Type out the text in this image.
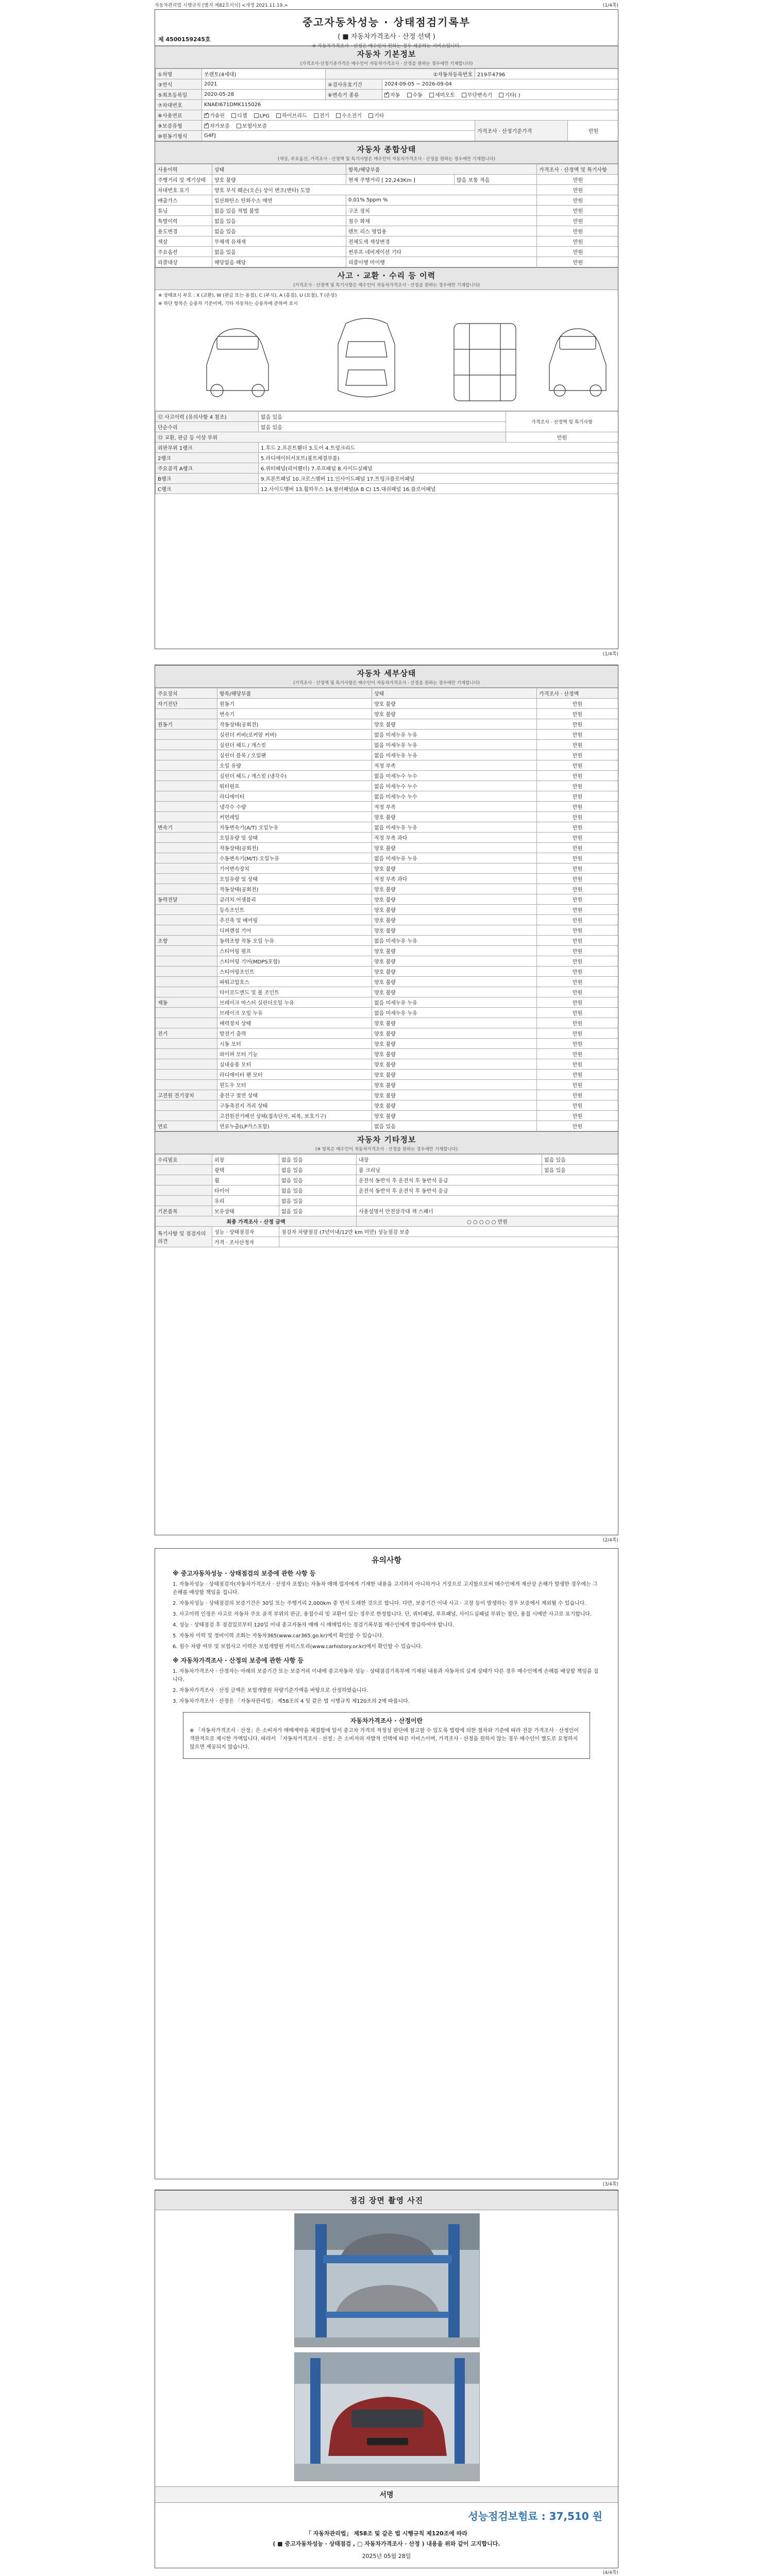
자동차관리법 시행규칙 [별지 제82호서식] <개정 2021.11.19.>	(1/4쪽)
중고자동차성능 · 상태점검기록부
( ■ 자동차가격조사 · 산정 선택 )
※ 자동차가격조사 · 산정은 매수인이 원하는 경우 제공하는 서비스입니다.
제 4500159245호
자동차 기본정보
(가격조사·산정기준가격은 매수인이 자동차가격조사 · 산정을 원하는 경우에만 기재합니다)
①차명	쏘렌토(4세대)	②자동차등록번호		219루4796	
③연식	2021	④검사유효기간	2024-09-05 ~ 2026-09-04		
⑤최초등록일	2020-05-28	⑥변속기 종류	✓자동 수동 세미오토 무단변속기 기타( )
⑦차대번호	KNAEI671DMK115026				
⑧사용연료	✓가솔린 디젤 LPG 하이브리드 전기 수소전기 기타
⑨보증유형	✓자가보증 보험사보증			가격조사 · 산정기준가격	만원
⑩원동기형식	G4FJ				
자동차 종합상태
(색상, 주요옵션, 가격조사 · 산정액 및 특기사항은 매수인이 자동차가격조사 · 산정을 원하는 경우에만 기재합니다)
사용이력	상태	항목/해당부품		가격조사 · 산정액 및 특기사항
주행거리 및 계기상태	양호 불량	현재 주행거리 [ 22,243Km ]	많음 보통 적음	만원
차대번호 표기	양호 부식 훼손(오손) 상이 변조(변타) 도말			만원
배출가스	일산화탄소 탄화수소 매연	0.01% 5ppm %		만원
튜닝	없음 있음 적법 불법	구조 장치		만원
특별이력	없음 있음	침수 화재		만원
용도변경	없음 있음	렌트 리스 영업용		만원
색상	무채색 유채색	전체도색 색상변경		만원
주요옵션	없음 있음	썬루프 네비게이션 기타		만원
리콜대상	해당없음 해당	리콜이행 미이행		만원
사고 · 교환 · 수리 등 이력
(가격조사 · 산정액 및 특기사항은 매수인이 자동차가격조사 · 산정을 원하는 경우에만 기재합니다)
※ 상태표시 부호 : X (교환), W (판금 또는 용접), C (부식), A (흠집), U (요철), T (손상)
※ 하단 항목은 승용차 기준이며, 기타 자동차는 승용차에 준하여 표시
⑫ 사고이력 (유의사항 4 참조)	없음 있음	가격조사 · 산정액 및 특기사항
단순수리	없음 있음	
⑬ 교환, 판금 등 이상 부위		만원
외판부위 1랭크	1.후드 2.프론트휀더 3.도어 4.트렁크리드	
2랭크	5.라디에이터서포트(볼트체결부품)	
주요골격 A랭크	6.쿼터패널(리어휀더) 7.루프패널 8.사이드실패널	
B랭크	9.프론트패널 10.크로스멤버 11.인사이드패널 17.트렁크플로어패널	
C랭크	12.사이드멤버 13.휠하우스 14.필러패널(A B C) 15.대쉬패널 16.플로어패널	
(1/4쪽)
자동차 세부상태
(가격조사 · 산정액 및 특기사항은 매수인이 자동차가격조사 · 산정을 원하는 경우에만 기재합니다)
주요장치	항목/해당부품	상태	가격조사 · 산정액
자기진단	원동기	양호 불량	만원
	변속기	양호 불량	만원
원동기	작동상태(공회전)	양호 불량	만원
	실린더 커버(로커암 커버)	없음 미세누유 누유	만원
	실린더 헤드 / 개스킷	없음 미세누유 누유	만원
	실린더 블록 / 오일팬	없음 미세누유 누유	만원
	오일 유량	적정 부족	만원
	실린더 헤드 / 개스킷 (냉각수)	없음 미세누수 누수	만원
	워터펌프	없음 미세누수 누수	만원
	라디에이터	없음 미세누수 누수	만원
	냉각수 수량	적정 부족	만원
	커먼레일	양호 불량	만원
변속기	자동변속기(A/T) 오일누유	없음 미세누유 누유	만원
	오일유량 및 상태	적정 부족 과다	만원
	작동상태(공회전)	양호 불량	만원
	수동변속기(M/T) 오일누유	없음 미세누유 누유	만원
	기어변속장치	양호 불량	만원
	오일유량 및 상태	적정 부족 과다	만원
	작동상태(공회전)	양호 불량	만원
동력전달	클러치 어셈블리	양호 불량	만원
	등속조인트	양호 불량	만원
	추진축 및 베어링	양호 불량	만원
	디퍼렌셜 기어	양호 불량	만원
조향	동력조향 작동 오일 누유	없음 미세누유 누유	만원
	스티어링 펌프	양호 불량	만원
	스티어링 기어(MDPS포함)	양호 불량	만원
	스티어링조인트	양호 불량	만원
	파워고압호스	양호 불량	만원
	타이로드엔드 및 볼 조인트	양호 불량	만원
제동	브레이크 마스터 실린더오일 누유	없음 미세누유 누유	만원
	브레이크 오일 누유	없음 미세누유 누유	만원
	배력장치 상태	양호 불량	만원
전기	발전기 출력	양호 불량	만원
	시동 모터	양호 불량	만원
	와이퍼 모터 기능	양호 불량	만원
	실내송풍 모터	양호 불량	만원
	라디에이터 팬 모터	양호 불량	만원
	윈도우 모터	양호 불량	만원
고전원 전기장치	충전구 절연 상태	양호 불량	만원
	구동축전지 격리 상태	양호 불량	만원
	고전원전기배선 상태(접속단자, 피복, 보호기구)	양호 불량	만원
연료	연료누출(LP가스포함)	없음 있음	만원
자동차 기타정보
(※ 항목은 매수인이 자동차가격조사 · 산정을 원하는 경우에만 기재합니다)
수리필요	외장	없음 있음	내장	없음 있음
	광택	없음 있음	룸 크리닝	없음 있음
	휠	없음 있음	운전석 동반석 후 운전석 후 동반석 응급	
	타이어	없음 있음	운전석 동반석 후 운전석 후 동반석 응급	
	유리	없음 있음		
기본품목	보유상태	없음 있음	사용설명서 안전삼각대 잭 스패너	
최종 가격조사 · 산정 금액			○ ○ ○ ○ ○ 만원	
특기사항 및 점검자의 의견	성능 · 상태점검자	점검자 차량점검 (7년이내/12만 km 미만) 성능점검 보증		
	가격 · 조사산정자			
(2/4쪽)
유의사항
※ 중고자동차성능 · 상태점검의 보증에 관한 사항 등

1. 자동차성능 · 상태점검자(자동차가격조사 · 산정자 포함)는 자동차 매매 업자에게 기재한 내용을 고지하지 아니하거나 거짓으로 고지함으로써 매수인에게 재산상 손해가 발생한 경우에는 그 손해를 배상할 책임을 집니다.

2. 자동차성능 · 상태점검의 보증기간은 30일 또는 주행거리 2,000km 중 먼저 도래한 것으로 합니다. 다만, 보증기간 이내 사고 · 고장 등이 발생하는 경우 보증에서 제외될 수 있습니다.

3. 사고이력 인정은 사고로 자동차 주요 골격 부위의 판금, 용접수리 및 교환이 있는 경우로 한정합니다. 단, 쿼터패널, 루프패널, 사이드실패널 부위는 절단, 용접 시에만 사고로 표기합니다.

4. 성능 · 상태점검 후 점검일로부터 120일 이내 중고자동차 매매 시 매매업자는 점검기록부를 매수인에게 발급하여야 합니다.

5. 자동차 이력 및 정비이력 조회는 자동차365(www.car365.go.kr)에서 확인할 수 있습니다.

6. 침수 차량 여부 및 보험사고 이력은 보험개발원 카히스토리(www.carhistory.or.kr)에서 확인할 수 있습니다.

※ 자동차가격조사 · 산정의 보증에 관한 사항 등

1. 자동차가격조사 · 산정자는 아래의 보증기간 또는 보증거리 이내에 중고자동차 성능 · 상태점검기록부에 기재된 내용과 자동차의 실제 상태가 다른 경우 매수인에게 손해를 배상할 책임을 집니다.

2. 자동차가격조사 · 산정 금액은 보험개발원 차량기준가액을 바탕으로 산정하였습니다.

3. 자동차가격조사 · 산정은 「자동차관리법」 제58조의 4 및 같은 법 시행규칙 제120조의 2에 따릅니다.

자동차가격조사 · 산정이란

※ 「자동차가격조사 · 산정」은 소비자가 매매계약을 체결함에 앞서 중고차 가격의 적정성 판단에 참고할 수 있도록 법령에 의한 절차와 기준에 따라 전문 가격조사 · 산정인이 객관적으로 제시한 가액입니다. 따라서 「자동차가격조사 · 산정」은 소비자의 자발적 선택에 따른 서비스이며, 가격조사 · 산정을 원하지 않는 경우 매수인이 별도로 요청하지 않으면 제공되지 않습니다.

(3/4쪽)
점검 장면 촬영 사진
서명
성능점검보험료 : 37,510 원
「 자동차관리법」 제58조 및 같은 법 시행규칙 제120조에 따라
( ■ 중고자동차성능 · 상태점검 , □ 자동차가격조사 · 산정 ) 내용을 위와 같이 고지합니다.
2025년 05월 28일
(4/4쪽)
